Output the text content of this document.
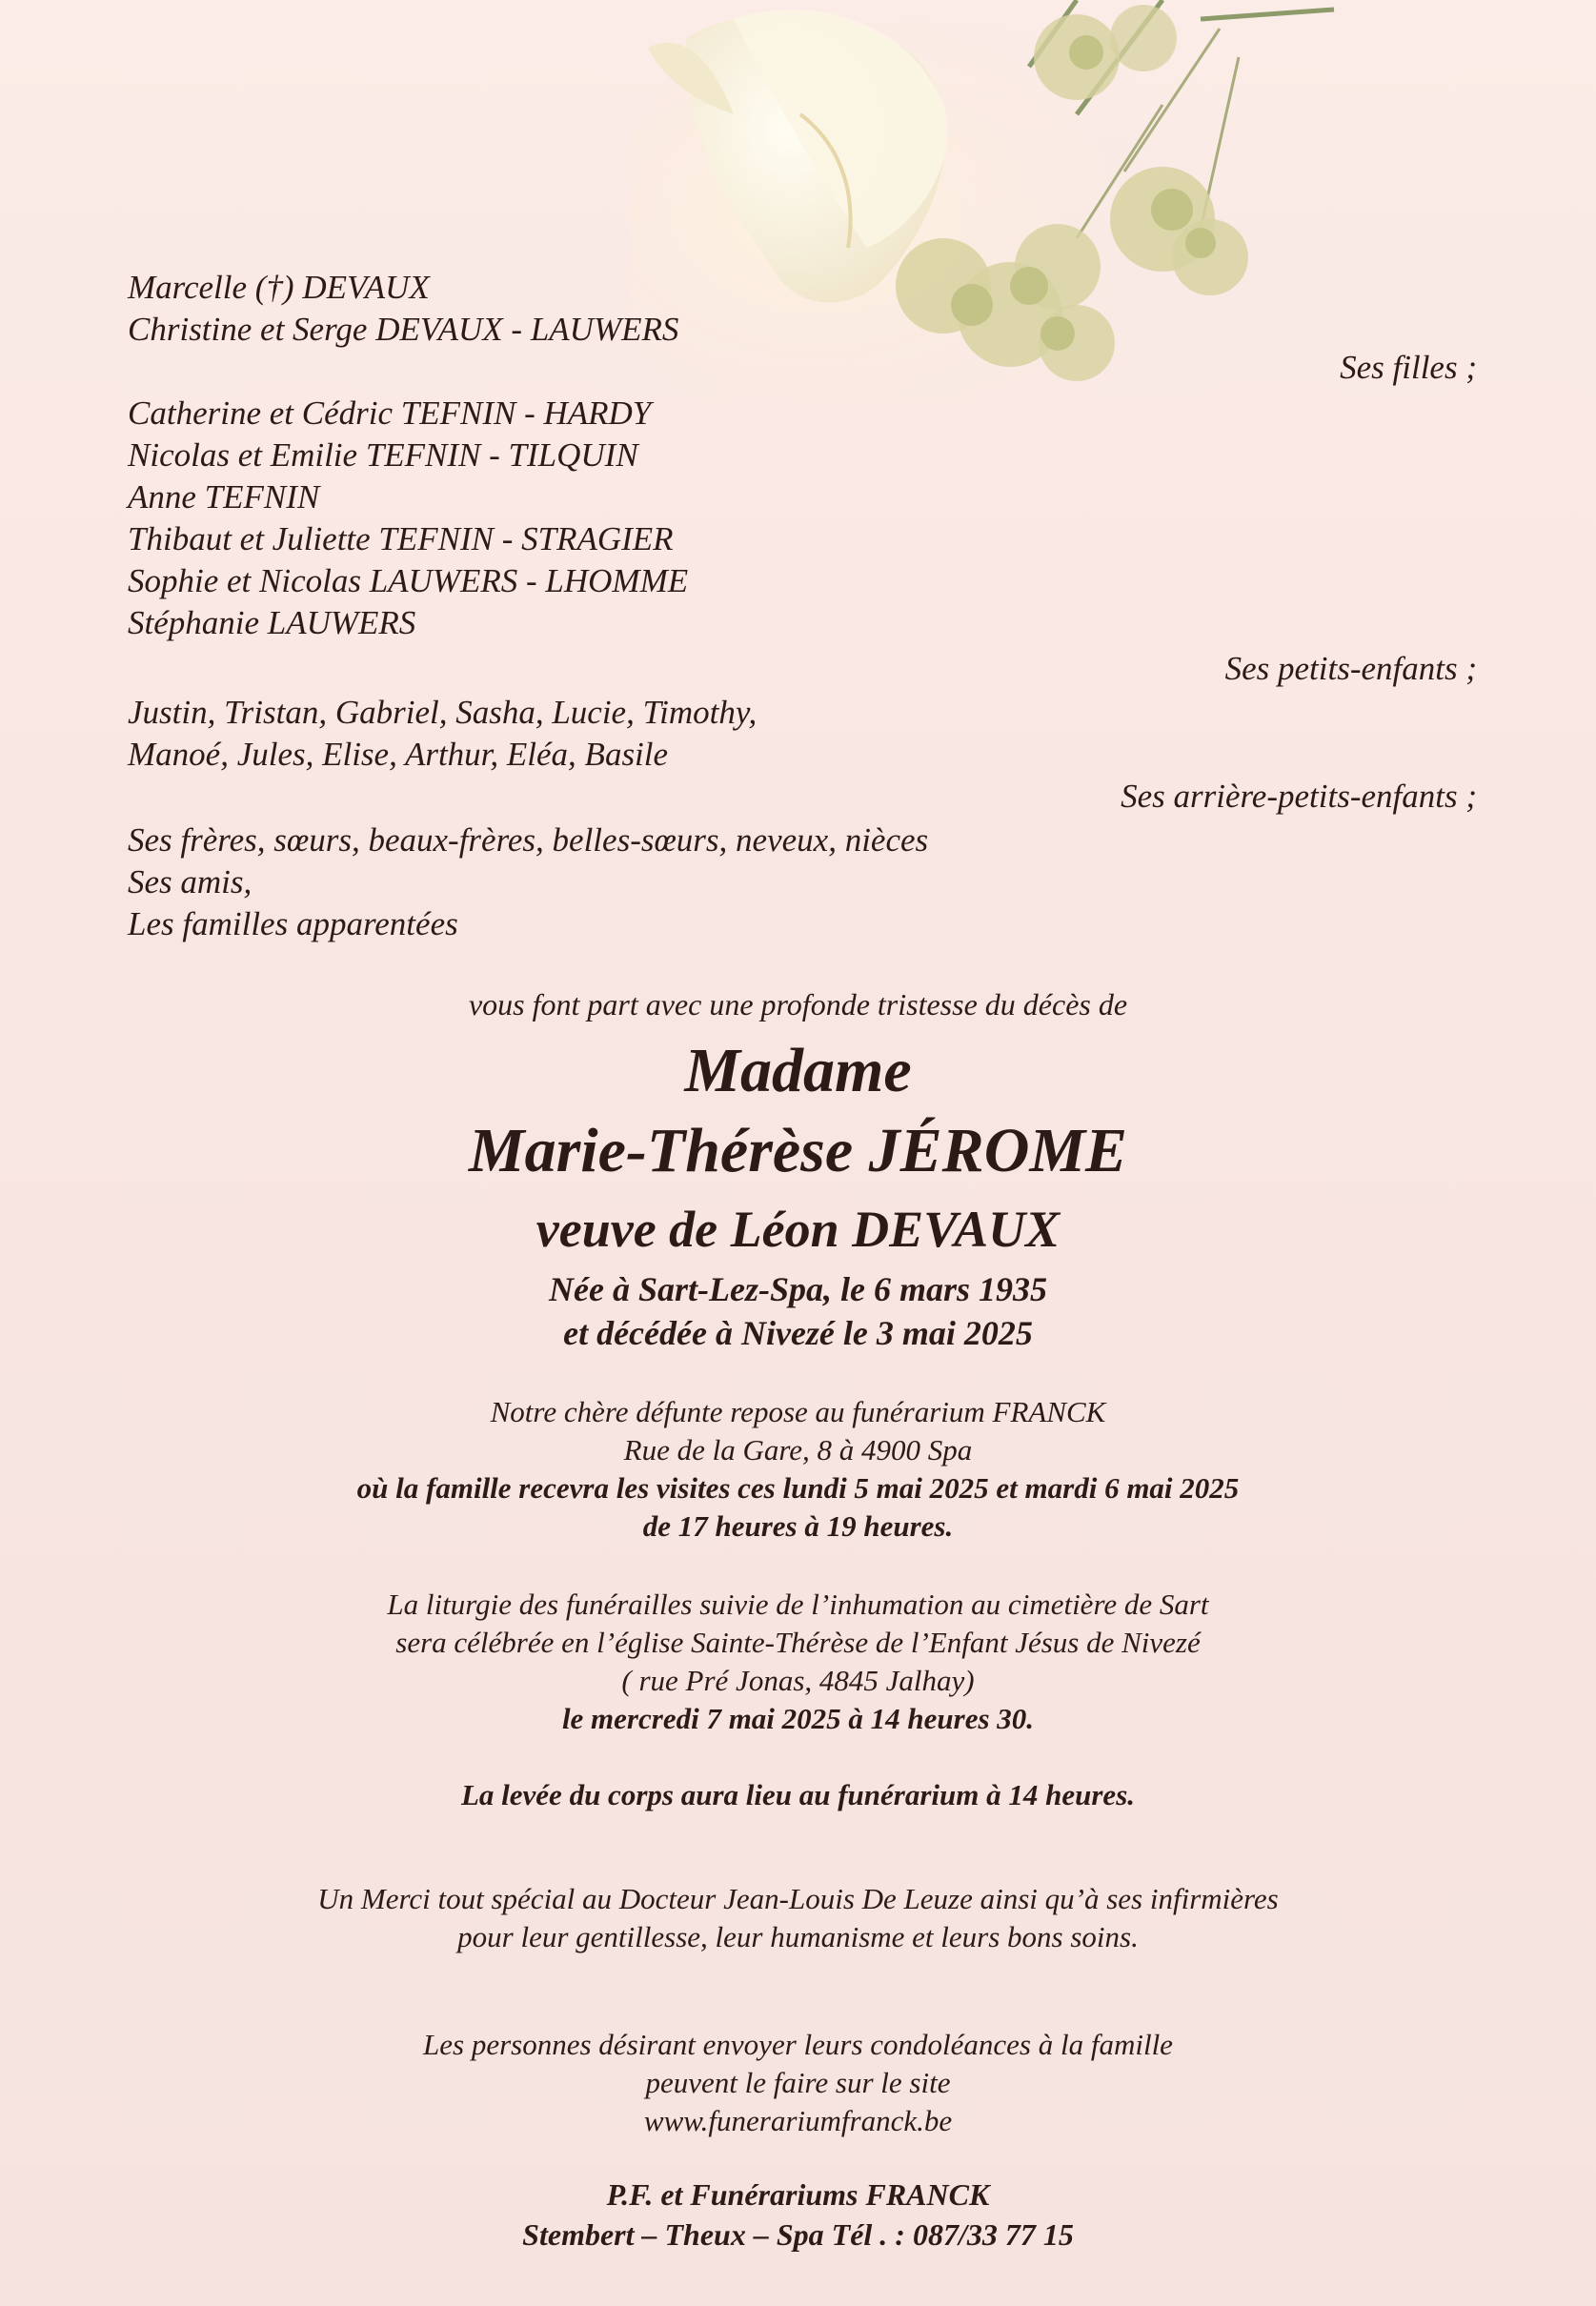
Marcelle (†) DEVAUX
Christine et Serge DEVAUX - LAUWERS
Ses filles ;
Catherine et Cédric TEFNIN - HARDY
Nicolas et Emilie TEFNIN - TILQUIN
Anne TEFNIN
Thibaut et Juliette TEFNIN - STRAGIER
Sophie et Nicolas LAUWERS - LHOMME
Stéphanie LAUWERS
Ses petits-enfants ;
Justin, Tristan, Gabriel, Sasha, Lucie, Timothy,
Manoé, Jules, Elise, Arthur, Eléa, Basile
Ses arrière-petits-enfants ;
Ses frères, sœurs, beaux-frères, belles-sœurs, neveux, nièces
Ses amis,
Les familles apparentées
vous font part avec une profonde tristesse du décès de
Madame
Marie-Thérèse JÉROME
veuve de Léon DEVAUX
Née à Sart-Lez-Spa, le 6 mars 1935
et décédée à Nivezé le 3 mai 2025
Notre chère défunte repose au funérarium FRANCK
Rue de la Gare, 8 à 4900 Spa
où la famille recevra les visites ces lundi 5 mai 2025 et mardi 6 mai 2025
de 17 heures à 19 heures.
La liturgie des funérailles suivie de l’inhumation au cimetière de Sart
sera célébrée en l’église Sainte-Thérèse de l’Enfant Jésus de Nivezé
( rue Pré Jonas, 4845 Jalhay)
le mercredi 7 mai 2025 à 14 heures 30.
La levée du corps aura lieu au funérarium à 14 heures.
Un Merci tout spécial au Docteur Jean-Louis De Leuze ainsi qu’à ses infirmières
pour leur gentillesse, leur humanisme et leurs bons soins.
Les personnes désirant envoyer leurs condoléances à la famille
peuvent le faire sur le site
www.funerariumfranck.be
P.F. et Funérariums FRANCK
Stembert – Theux – Spa Tél . : 087/33 77 15
